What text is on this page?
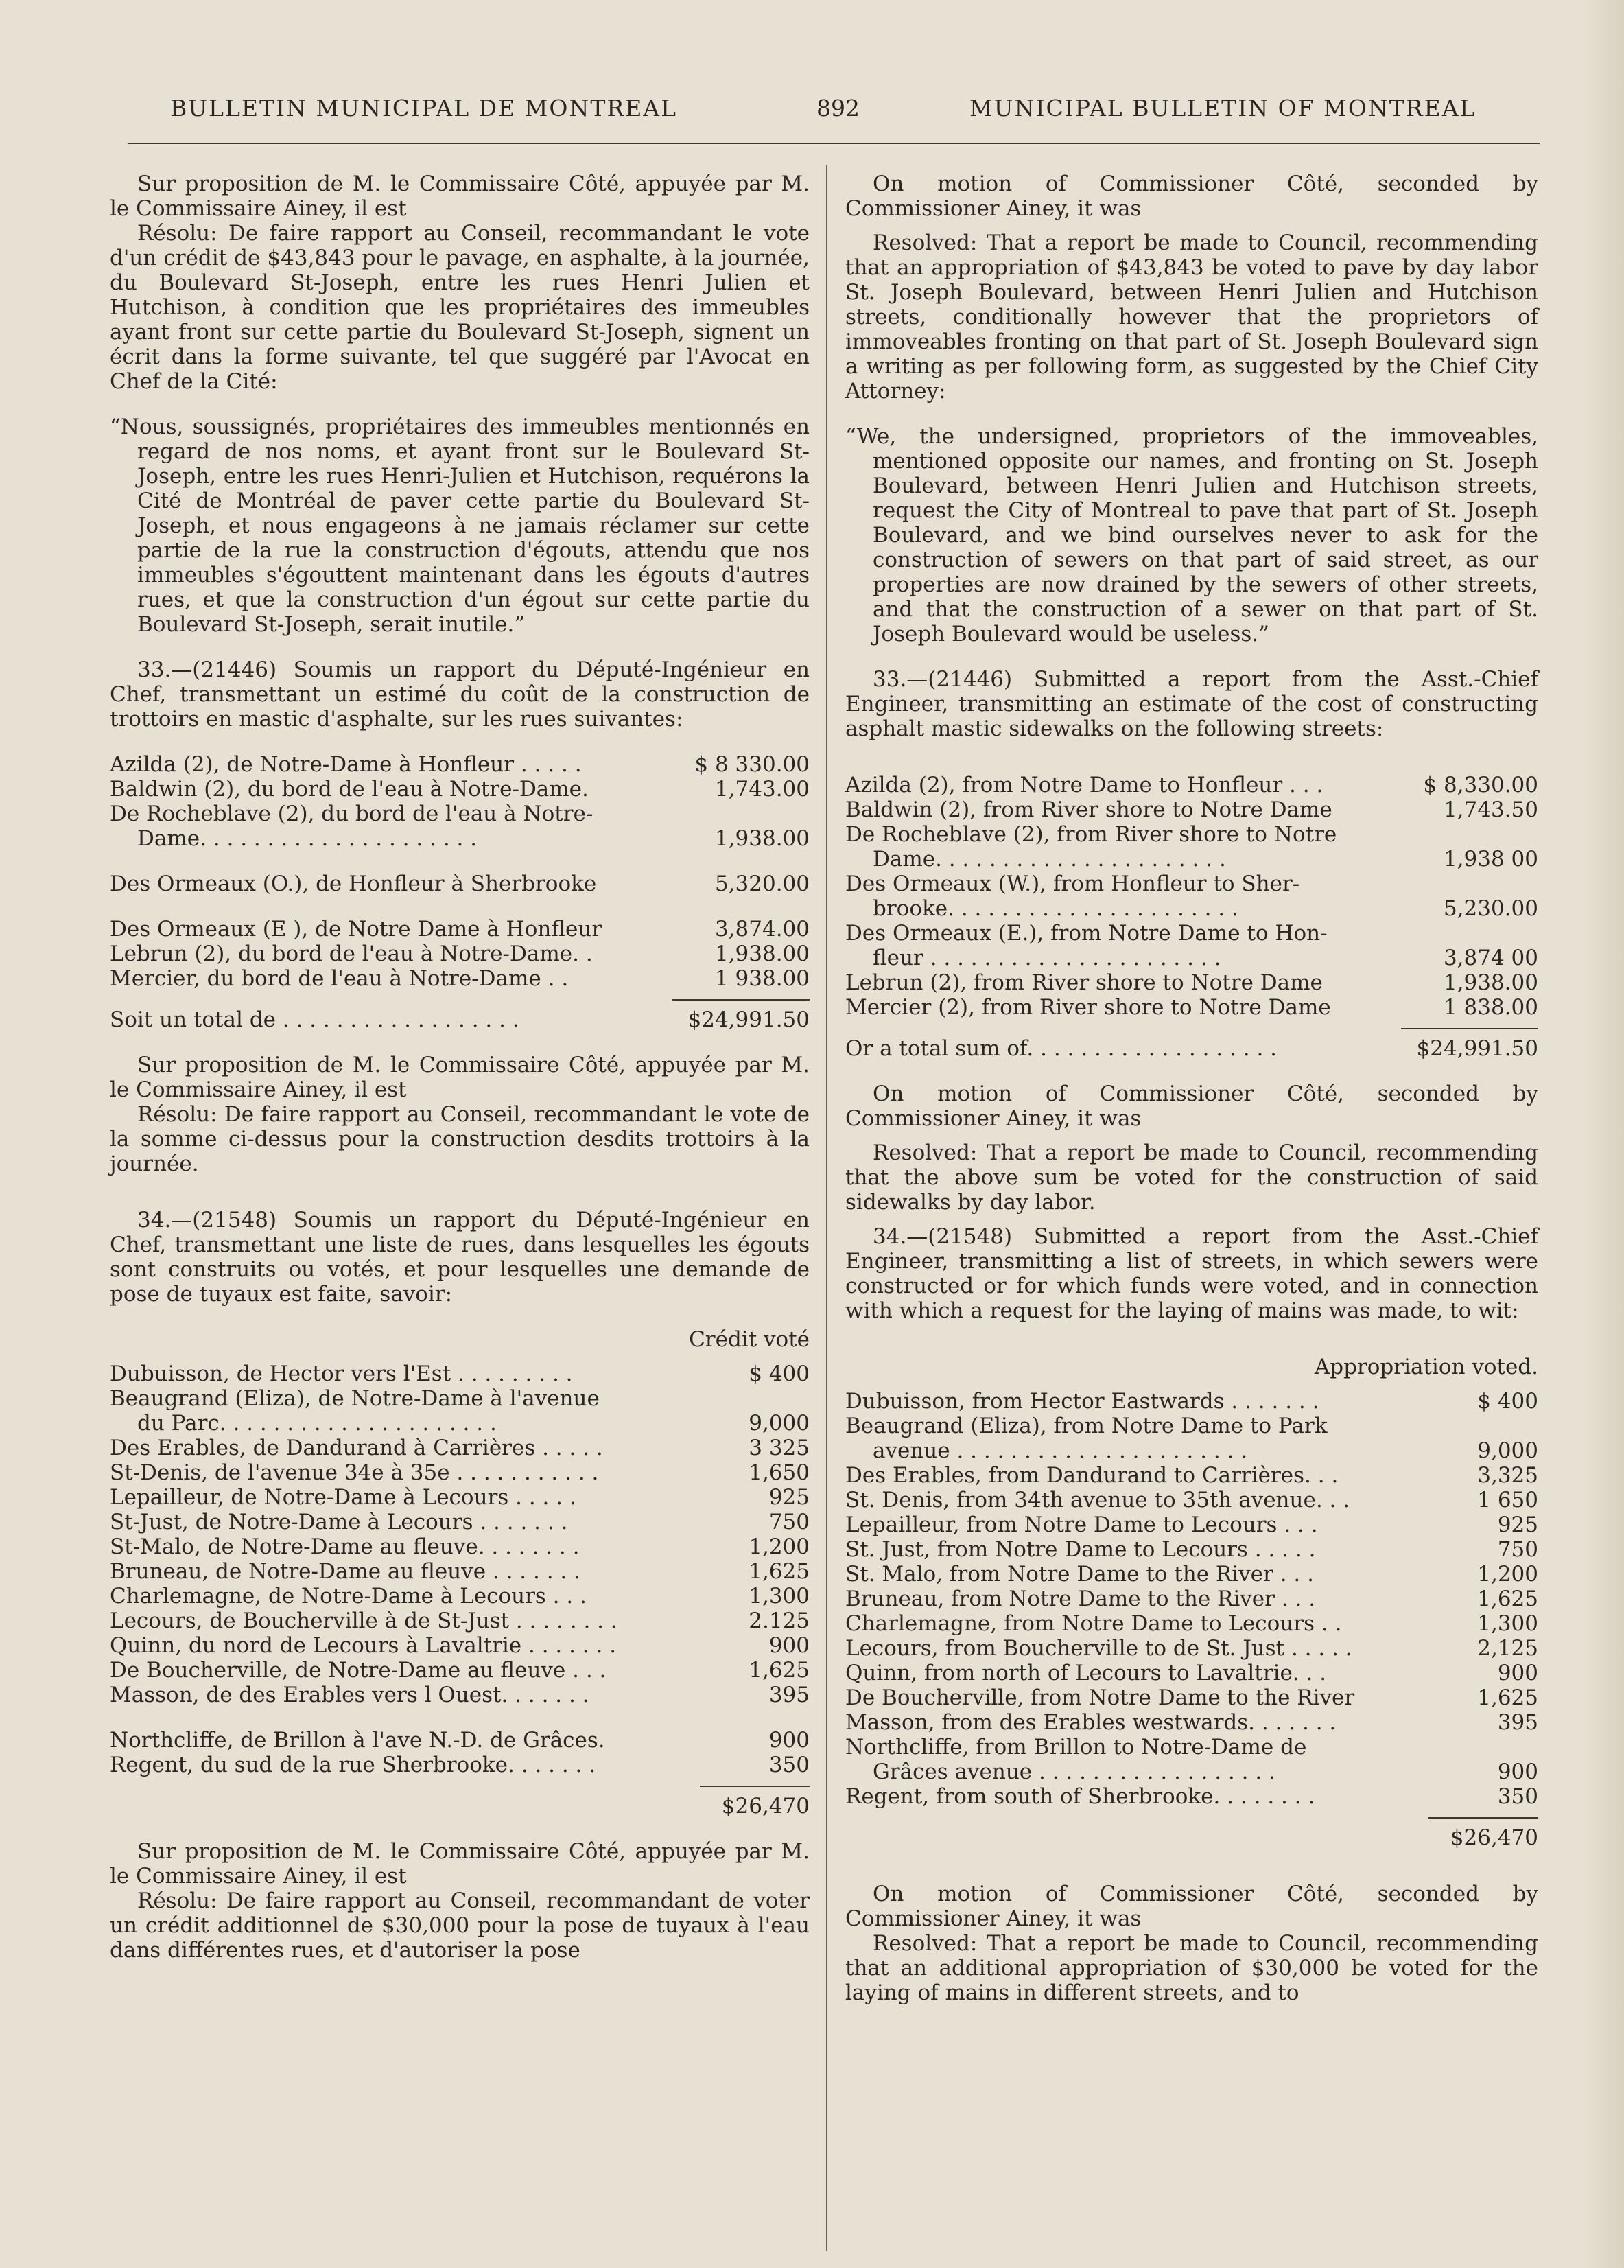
BULLETIN MUNICIPAL DE MONTREAL	892	MUNICIPAL BULLETIN OF MONTREAL

Sur proposition de M. le Commissaire Côté, appuyée par M. le Commissaire Ainey, il est

Résolu: De faire rapport au Conseil, recommandant le vote d'un crédit de $43,843 pour le pavage, en asphalte, à la journée, du Boulevard St-Joseph, entre les rues Henri Julien et Hutchison, à condition que les propriétaires des immeubles ayant front sur cette partie du Boulevard St-Joseph, signent un écrit dans la forme suivante, tel que suggéré par l'Avocat en Chef de la Cité:

“Nous, soussignés, propriétaires des immeubles mentionnés en regard de nos noms, et ayant front sur le Boulevard St-Joseph, entre les rues Henri-Julien et Hutchison, requérons la Cité de Montréal de paver cette partie du Boulevard St-Joseph, et nous engageons à ne jamais réclamer sur cette partie de la rue la construction d'égouts, attendu que nos immeubles s'égouttent maintenant dans les égouts d'autres rues, et que la construction d'un égout sur cette partie du Boulevard St-Joseph, serait inutile.”

33.—(21446) Soumis un rapport du Député-Ingénieur en Chef, transmettant un estimé du coût de la construction de trottoirs en mastic d'asphalte, sur les rues suivantes:

Azilda (2), de Notre-Dame à Honfleur . . . . .	$ 8 330.00
Baldwin (2), du bord de l'eau à Notre-Dame.	1,743.00
De Rocheblave (2), du bord de l'eau à Notre-
Dame. . . . . . . . . . . . . . . . . . . . .	1,938.00
Des Ormeaux (O.), de Honfleur à Sherbrooke	5,320.00
Des Ormeaux (E ), de Notre Dame à Honfleur	3,874.00
Lebrun (2), du bord de l'eau à Notre-Dame. .	1,938.00
Mercier, du bord de l'eau à Notre-Dame . .	1 938.00
Soit un total de . . . . . . . . . . . . . . . . . .	$24,991.50

Sur proposition de M. le Commissaire Côté, appuyée par M. le Commissaire Ainey, il est

Résolu: De faire rapport au Conseil, recommandant le vote de la somme ci-dessus pour la construction desdits trottoirs à la journée.

34.—(21548) Soumis un rapport du Député-Ingénieur en Chef, transmettant une liste de rues, dans lesquelles les égouts sont construits ou votés, et pour lesquelles une demande de pose de tuyaux est faite, savoir:

Crédit voté
Dubuisson, de Hector vers l'Est . . . . . . . . .	$ 400
Beaugrand (Eliza), de Notre-Dame à l'avenue
du Parc. . . . . . . . . . . . . . . . . . . . .	9,000
Des Erables, de Dandurand à Carrières . . . . .	3 325
St-Denis, de l'avenue 34e à 35e . . . . . . . . . . .	1,650
Lepailleur, de Notre-Dame à Lecours . . . . .	925
St-Just, de Notre-Dame à Lecours . . . . . . .	750
St-Malo, de Notre-Dame au fleuve. . . . . . . .	1,200
Bruneau, de Notre-Dame au fleuve . . . . . . .	1,625
Charlemagne, de Notre-Dame à Lecours . . .	1,300
Lecours, de Boucherville à de St-Just . . . . . . . .	2.125
Quinn, du nord de Lecours à Lavaltrie . . . . . . .	900
De Boucherville, de Notre-Dame au fleuve . . .	1,625
Masson, de des Erables vers l Ouest. . . . . . .	395
Northcliffe, de Brillon à l'ave N.-D. de Grâces.	900
Regent, du sud de la rue Sherbrooke. . . . . . .	350
$26,470

Sur proposition de M. le Commissaire Côté, appuyée par M. le Commissaire Ainey, il est

Résolu: De faire rapport au Conseil, recommandant de voter un crédit additionnel de $30,000 pour la pose de tuyaux à l'eau dans différentes rues, et d'autoriser la pose

On motion of Commissioner Côté, seconded by Commissioner Ainey, it was

Resolved: That a report be made to Council, recommending that an appropriation of $43,843 be voted to pave by day labor St. Joseph Boulevard, between Henri Julien and Hutchison streets, conditionally however that the proprietors of immoveables fronting on that part of St. Joseph Boulevard sign a writing as per following form, as suggested by the Chief City Attorney:

“We, the undersigned, proprietors of the immoveables, mentioned opposite our names, and fronting on St. Joseph Boulevard, between Henri Julien and Hutchison streets, request the City of Montreal to pave that part of St. Joseph Boulevard, and we bind ourselves never to ask for the construction of sewers on that part of said street, as our properties are now drained by the sewers of other streets, and that the construction of a sewer on that part of St. Joseph Boulevard would be useless.”

33.—(21446) Submitted a report from the Asst.-Chief Engineer, transmitting an estimate of the cost of constructing asphalt mastic sidewalks on the following streets:

Azilda (2), from Notre Dame to Honfleur . . .	$ 8,330.00
Baldwin (2), from River shore to Notre Dame	1,743.50
De Rocheblave (2), from River shore to Notre
Dame. . . . . . . . . . . . . . . . . . . . . .	1,938 00
Des Ormeaux (W.), from Honfleur to Sher-
brooke. . . . . . . . . . . . . . . . . . . . . .	5,230.00
Des Ormeaux (E.), from Notre Dame to Hon-
fleur . . . . . . . . . . . . . . . . . . . . . .	3,874 00
Lebrun (2), from River shore to Notre Dame	1,938.00
Mercier (2), from River shore to Notre Dame	1 838.00
Or a total sum of. . . . . . . . . . . . . . . . . . .	$24,991.50

On motion of Commissioner Côté, seconded by Commissioner Ainey, it was

Resolved: That a report be made to Council, recommending that the above sum be voted for the construction of said sidewalks by day labor.

34.—(21548) Submitted a report from the Asst.-Chief Engineer, transmitting a list of streets, in which sewers were constructed or for which funds were voted, and in connection with which a request for the laying of mains was made, to wit:

Appropriation voted.
Dubuisson, from Hector Eastwards . . . . . . .	$ 400
Beaugrand (Eliza), from Notre Dame to Park
avenue . . . . . . . . . . . . . . . . . . . . . .	9,000
Des Erables, from Dandurand to Carrières. . .	3,325
St. Denis, from 34th avenue to 35th avenue. . .	1 650
Lepailleur, from Notre Dame to Lecours . . .	925
St. Just, from Notre Dame to Lecours . . . . .	750
St. Malo, from Notre Dame to the River . . .	1,200
Bruneau, from Notre Dame to the River . . .	1,625
Charlemagne, from Notre Dame to Lecours . .	1,300
Lecours, from Boucherville to de St. Just . . . . .	2,125
Quinn, from north of Lecours to Lavaltrie. . .	900
De Boucherville, from Notre Dame to the River	1,625
Masson, from des Erables westwards. . . . . . .	395
Northcliffe, from Brillon to Notre-Dame de
Grâces avenue . . . . . . . . . . . . . . . . . .	900
Regent, from south of Sherbrooke. . . . . . . .	350
$26,470

On motion of Commissioner Côté, seconded by Commissioner Ainey, it was

Resolved: That a report be made to Council, recommending that an additional appropriation of $30,000 be voted for the laying of mains in different streets, and to
